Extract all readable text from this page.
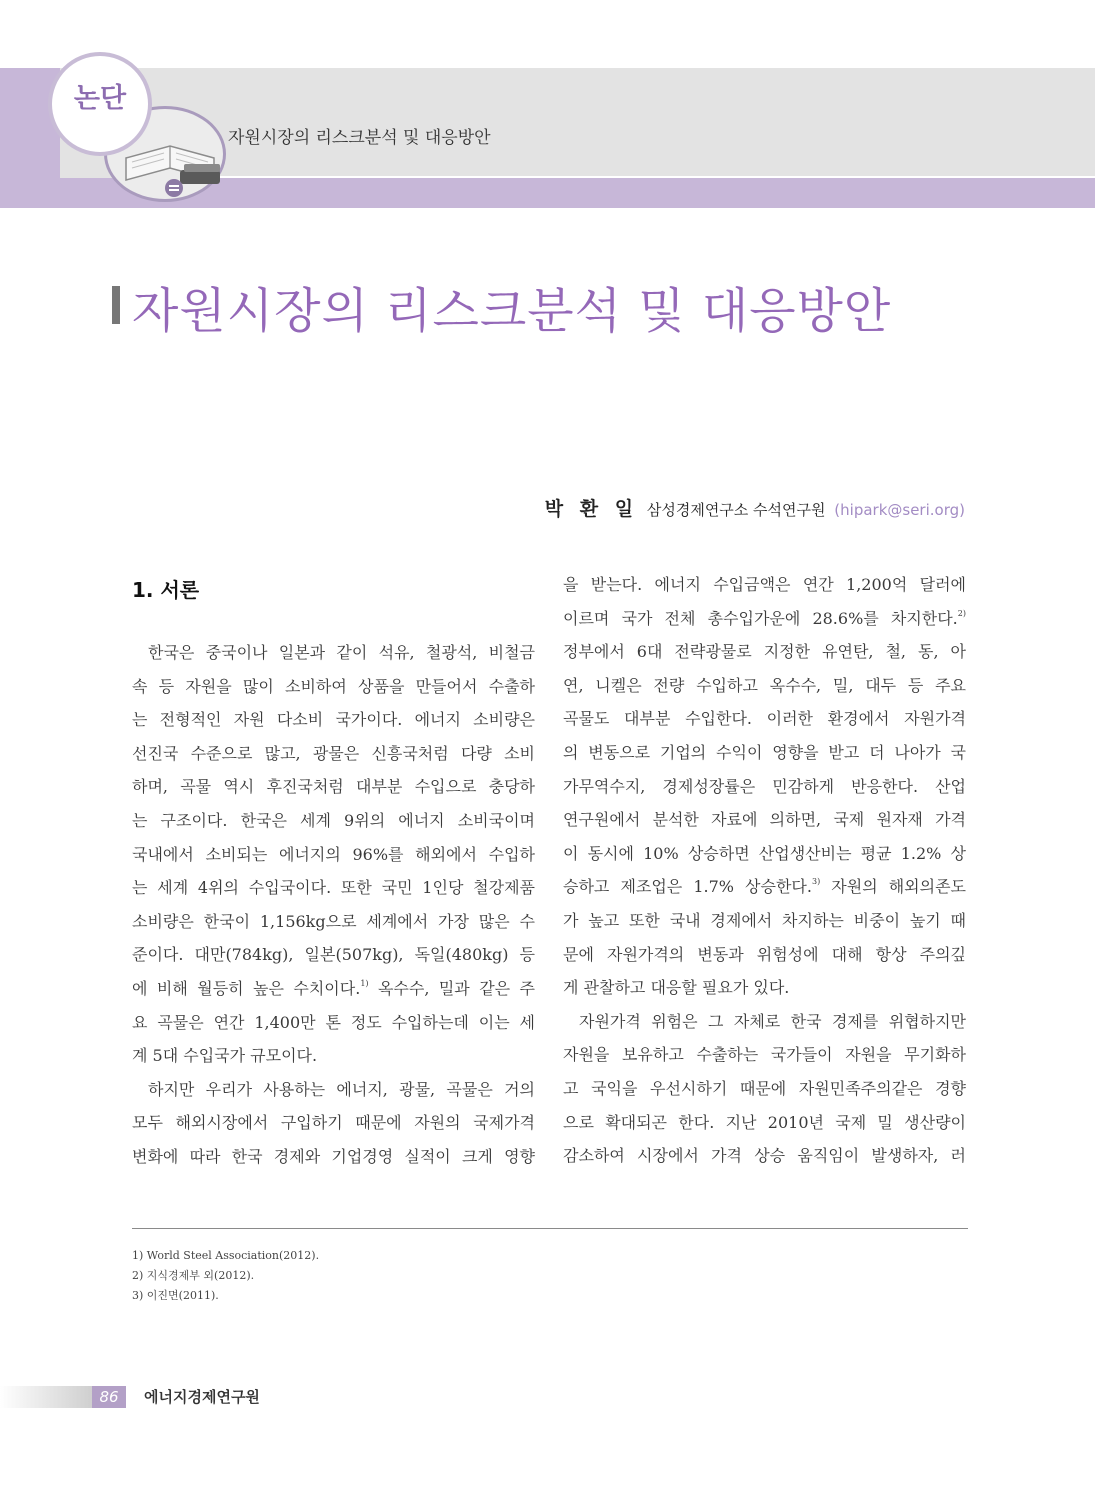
논단
자원시장의 리스크분석 및 대응방안
자원시장의 리스크분석 및 대응방안
박 환 일 삼성경제연구소 수석연구원 (hipark@seri.org)
1. 서론
한국은 중국이나 일본과 같이 석유, 철광석, 비철금
속 등 자원을 많이 소비하여 상품을 만들어서 수출하
는 전형적인 자원 다소비 국가이다. 에너지 소비량은
선진국 수준으로 많고, 광물은 신흥국처럼 다량 소비
하며, 곡물 역시 후진국처럼 대부분 수입으로 충당하
는 구조이다. 한국은 세계 9위의 에너지 소비국이며
국내에서 소비되는 에너지의 96%를 해외에서 수입하
는 세계 4위의 수입국이다. 또한 국민 1인당 철강제품
소비량은 한국이 1,156kg으로 세계에서 가장 많은 수
준이다. 대만(784kg), 일본(507kg), 독일(480kg) 등
에 비해 월등히 높은 수치이다.$^{1)}$ 옥수수, 밀과 같은 주
요 곡물은 연간 1,400만 톤 정도 수입하는데 이는 세
계 5대 수입국가 규모이다.
하지만 우리가 사용하는 에너지, 광물, 곡물은 거의
모두 해외시장에서 구입하기 때문에 자원의 국제가격
변화에 따라 한국 경제와 기업경영 실적이 크게 영향
을 받는다. 에너지 수입금액은 연간 1,200억 달러에
이르며 국가 전체 총수입가운에 28.6%를 차지한다.$^{2)}$
정부에서 6대 전략광물로 지정한 유연탄, 철, 동, 아
연, 니켈은 전량 수입하고 옥수수, 밀, 대두 등 주요
곡물도 대부분 수입한다. 이러한 환경에서 자원가격
의 변동으로 기업의 수익이 영향을 받고 더 나아가 국
가무역수지, 경제성장률은 민감하게 반응한다. 산업
연구원에서 분석한 자료에 의하면, 국제 원자재 가격
이 동시에 10% 상승하면 산업생산비는 평균 1.2% 상
승하고 제조업은 1.7% 상승한다.$^{3)}$ 자원의 해외의존도
가 높고 또한 국내 경제에서 차지하는 비중이 높기 때
문에 자원가격의 변동과 위험성에 대해 항상 주의깊
게 관찰하고 대응할 필요가 있다.
자원가격 위험은 그 자체로 한국 경제를 위협하지만
자원을 보유하고 수출하는 국가들이 자원을 무기화하
고 국익을 우선시하기 때문에 자원민족주의같은 경향
으로 확대되곤 한다. 지난 2010년 국제 밀 생산량이
감소하여 시장에서 가격 상승 움직임이 발생하자, 러
1) World Steel Association(2012).
2) 지식경제부 외(2012).
3) 이진면(2011).
86	에너지경제연구원
